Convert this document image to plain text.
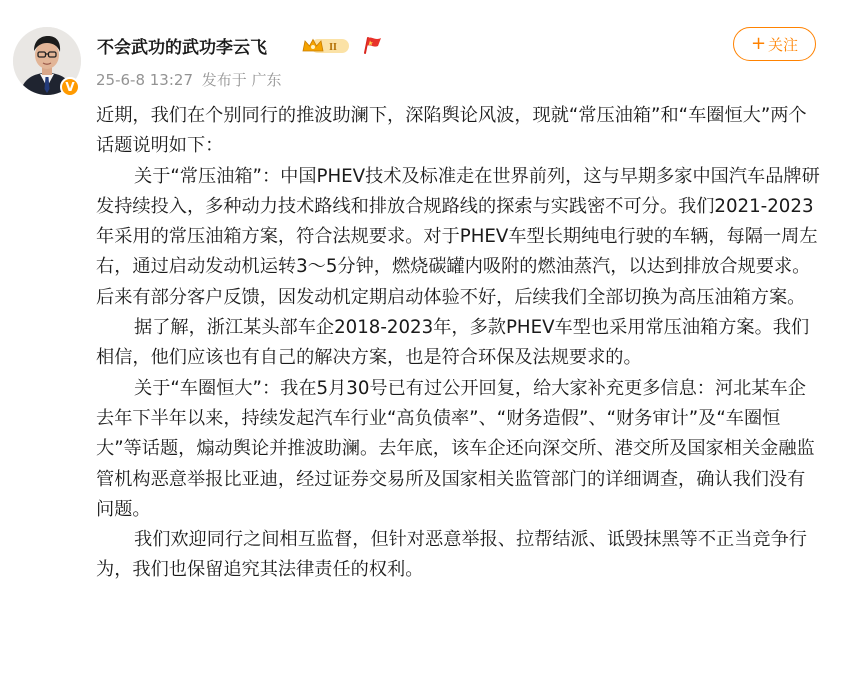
V
不会武功的武功李云飞	II
25-6-8 13:27 发布于 广东
+ 关注

近期，我们在个别同行的推波助澜下，深陷舆论风波，现就“常压油箱”和“车圈恒大”两个话题说明如下：

关于“常压油箱”：中国PHEV技术及标准走在世界前列，这与早期多家中国汽车品牌研发持续投入，多种动力技术路线和排放合规路线的探索与实践密不可分。我们2021-2023年采用的常压油箱方案，符合法规要求。对于PHEV车型长期纯电行驶的车辆，每隔一周左右，通过启动发动机运转3～5分钟，燃烧碳罐内吸附的燃油蒸汽，以达到排放合规要求。后来有部分客户反馈，因发动机定期启动体验不好，后续我们全部切换为高压油箱方案。

据了解，浙江某头部车企2018-2023年，多款PHEV车型也采用常压油箱方案。我们相信，他们应该也有自己的解决方案，也是符合环保及法规要求的。

关于“车圈恒大”：我在5月30号已有过公开回复，给大家补充更多信息：河北某车企去年下半年以来，持续发起汽车行业“高负债率”、“财务造假”、“财务审计”及“车圈恒大”等话题，煽动舆论并推波助澜。去年底，该车企还向深交所、港交所及国家相关金融监管机构恶意举报比亚迪，经过证券交易所及国家相关监管部门的详细调查，确认我们没有问题。

我们欢迎同行之间相互监督，但针对恶意举报、拉帮结派、诋毁抹黑等不正当竞争行为，我们也保留追究其法律责任的权利。
